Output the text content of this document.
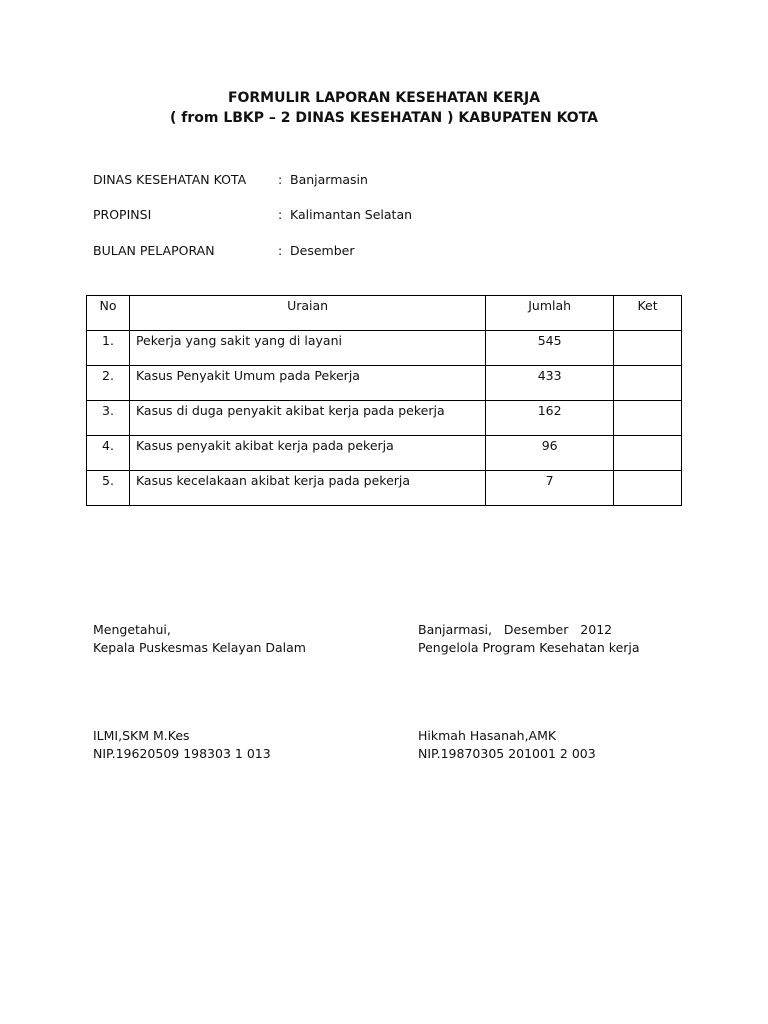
FORMULIR LAPORAN KESEHATAN KERJA
( from LBKP – 2 DINAS KESEHATAN ) KABUPATEN KOTA
DINAS KESEHATAN KOTA	: Banjarmasin
PROPINSI	: Kalimantan Selatan
BULAN PELAPORAN	: Desember
No	Uraian	Jumlah	Ket
1.	Pekerja yang sakit yang di layani	545	
2.	Kasus Penyakit Umum pada Pekerja	433	
3.	Kasus di duga penyakit akibat kerja pada pekerja	162	
4.	Kasus penyakit akibat kerja pada pekerja	96	
5.	Kasus kecelakaan akibat kerja pada pekerja	7	
Mengetahui,
Kepala Puskesmas Kelayan Dalam
ILMI,SKM M.Kes
NIP.19620509 198303 1 013
Banjarmasi,   Desember   2012
Pengelola Program Kesehatan kerja
Hikmah Hasanah,AMK
NIP.19870305 201001 2 003
